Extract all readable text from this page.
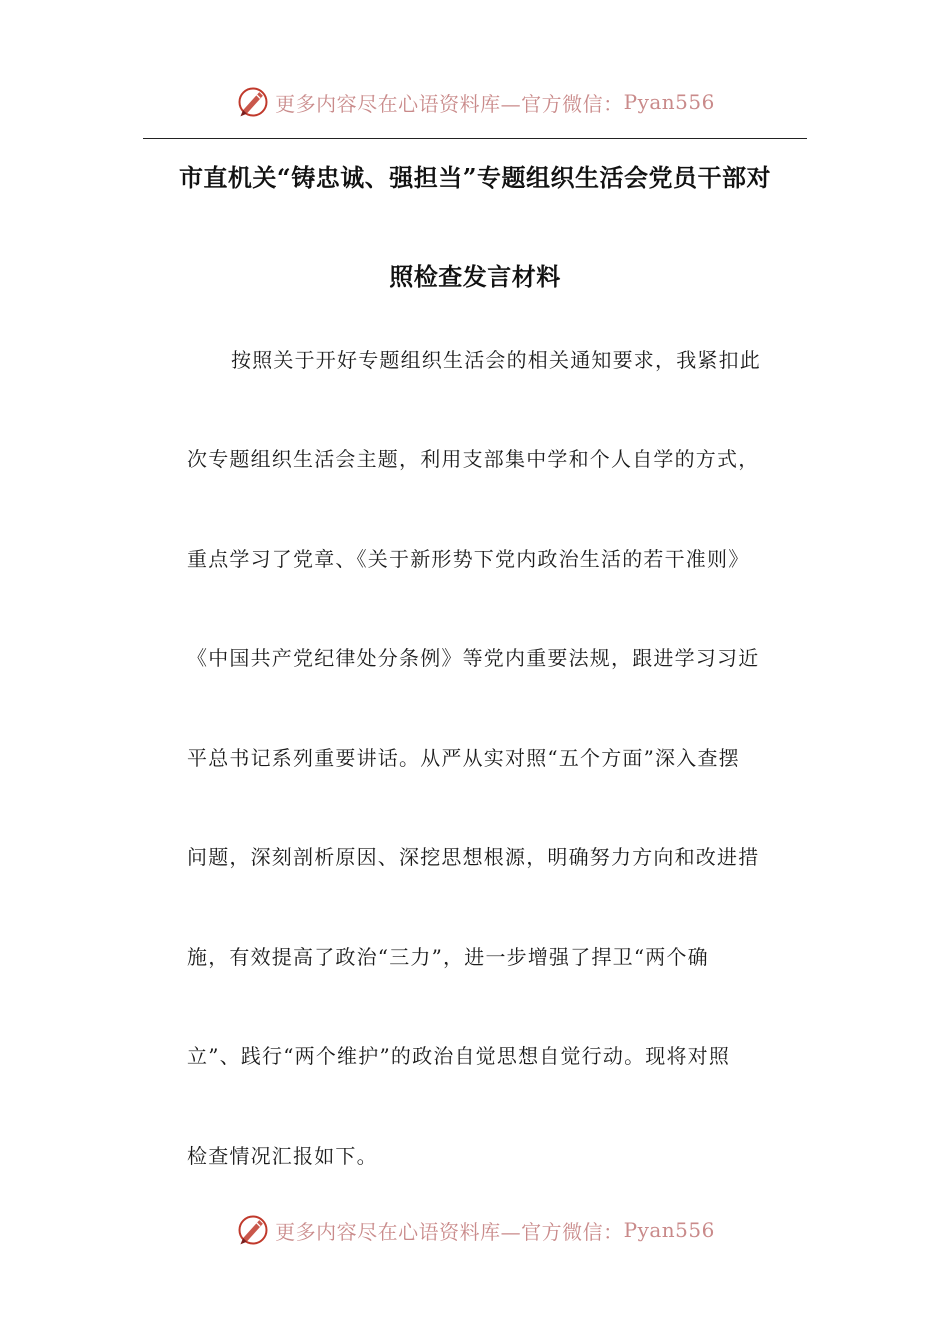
更多内容尽在心语资料库—官方微信： Pyan556
市直机关“铸忠诚、强担当”专题组织生活会党员干部对
照检查发言材料
按照关于开好专题组织生活会的相关通知要求，我紧扣此
次专题组织生活会主题，利用支部集中学和个人自学的方式，
重点学习了党章、《关于新形势下党内政治生活的若干准则》
《中国共产党纪律处分条例》等党内重要法规，跟进学习习近
平总书记系列重要讲话。从严从实对照“五个方面”深入查摆
问题，深刻剖析原因、深挖思想根源，明确努力方向和改进措
施，有效提高了政治“三力”，进一步增强了捍卫“两个确
立”、践行“两个维护”的政治自觉思想自觉行动。现将对照
检查情况汇报如下。
更多内容尽在心语资料库—官方微信： Pyan556
